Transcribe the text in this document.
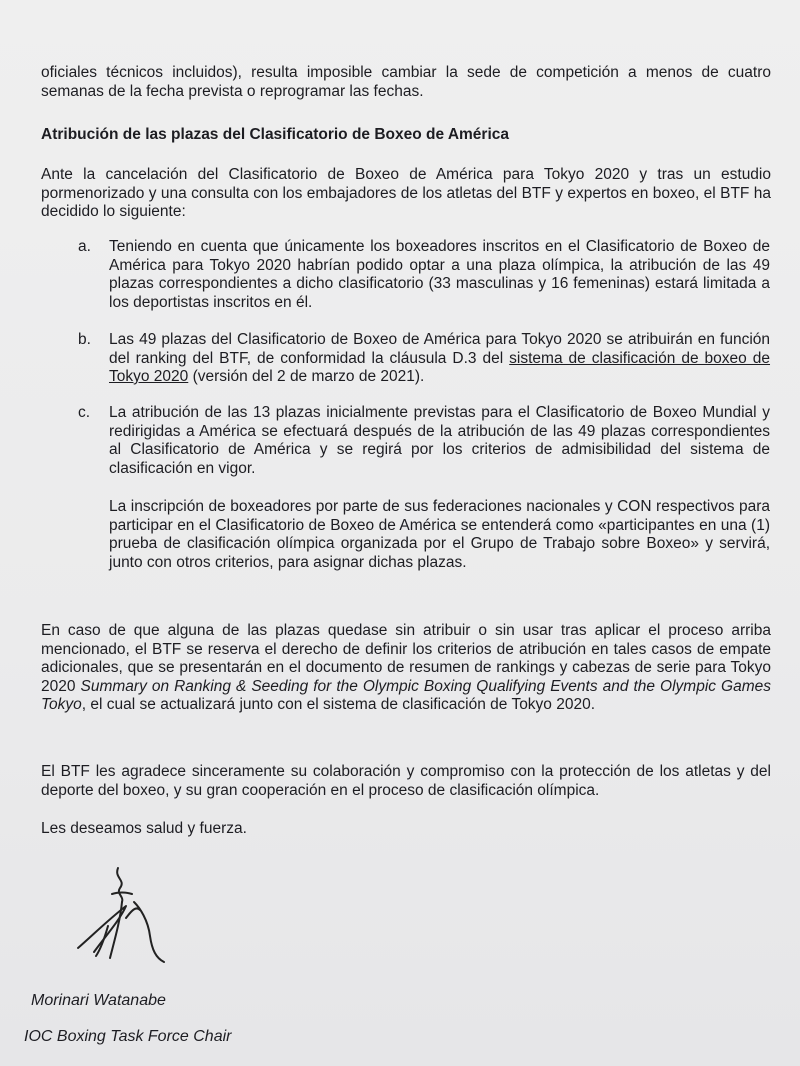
oficiales técnicos incluidos), resulta imposible cambiar la sede de competición a menos de cuatro semanas de la fecha prevista o reprogramar las fechas.

Atribución de las plazas del Clasificatorio de Boxeo de América

Ante la cancelación del Clasificatorio de Boxeo de América para Tokyo 2020 y tras un estudio pormenorizado y una consulta con los embajadores de los atletas del BTF y expertos en boxeo, el BTF ha decidido lo siguiente:

a.	Teniendo en cuenta que únicamente los boxeadores inscritos en el Clasificatorio de Boxeo de América para Tokyo 2020 habrían podido optar a una plaza olímpica, la atribución de las 49 plazas correspondientes a dicho clasificatorio (33 masculinas y 16 femeninas) estará limitada a los deportistas inscritos en él.
b.	Las 49 plazas del Clasificatorio de Boxeo de América para Tokyo 2020 se atribuirán en función del ranking del BTF, de conformidad la cláusula D.3 del sistema de clasificación de boxeo de Tokyo 2020 (versión del 2 de marzo de 2021).
c.	La atribución de las 13 plazas inicialmente previstas para el Clasificatorio de Boxeo Mundial y redirigidas a América se efectuará después de la atribución de las 49 plazas correspondientes al Clasificatorio de América y se regirá por los criterios de admisibilidad del sistema de clasificación en vigor.
La inscripción de boxeadores por parte de sus federaciones nacionales y CON respectivos para participar en el Clasificatorio de Boxeo de América se entenderá como «participantes en una (1) prueba de clasificación olímpica organizada por el Grupo de Trabajo sobre Boxeo» y servirá, junto con otros criterios, para asignar dichas plazas.

En caso de que alguna de las plazas quedase sin atribuir o sin usar tras aplicar el proceso arriba mencionado, el BTF se reserva el derecho de definir los criterios de atribución en tales casos de empate adicionales, que se presentarán en el documento de resumen de rankings y cabezas de serie para Tokyo 2020 Summary on Ranking & Seeding for the Olympic Boxing Qualifying Events and the Olympic Games Tokyo, el cual se actualizará junto con el sistema de clasificación de Tokyo 2020.

El BTF les agradece sinceramente su colaboración y compromiso con la protección de los atletas y del deporte del boxeo, y su gran cooperación en el proceso de clasificación olímpica.

Les deseamos salud y fuerza.

Morinari Watanabe
IOC Boxing Task Force Chair
